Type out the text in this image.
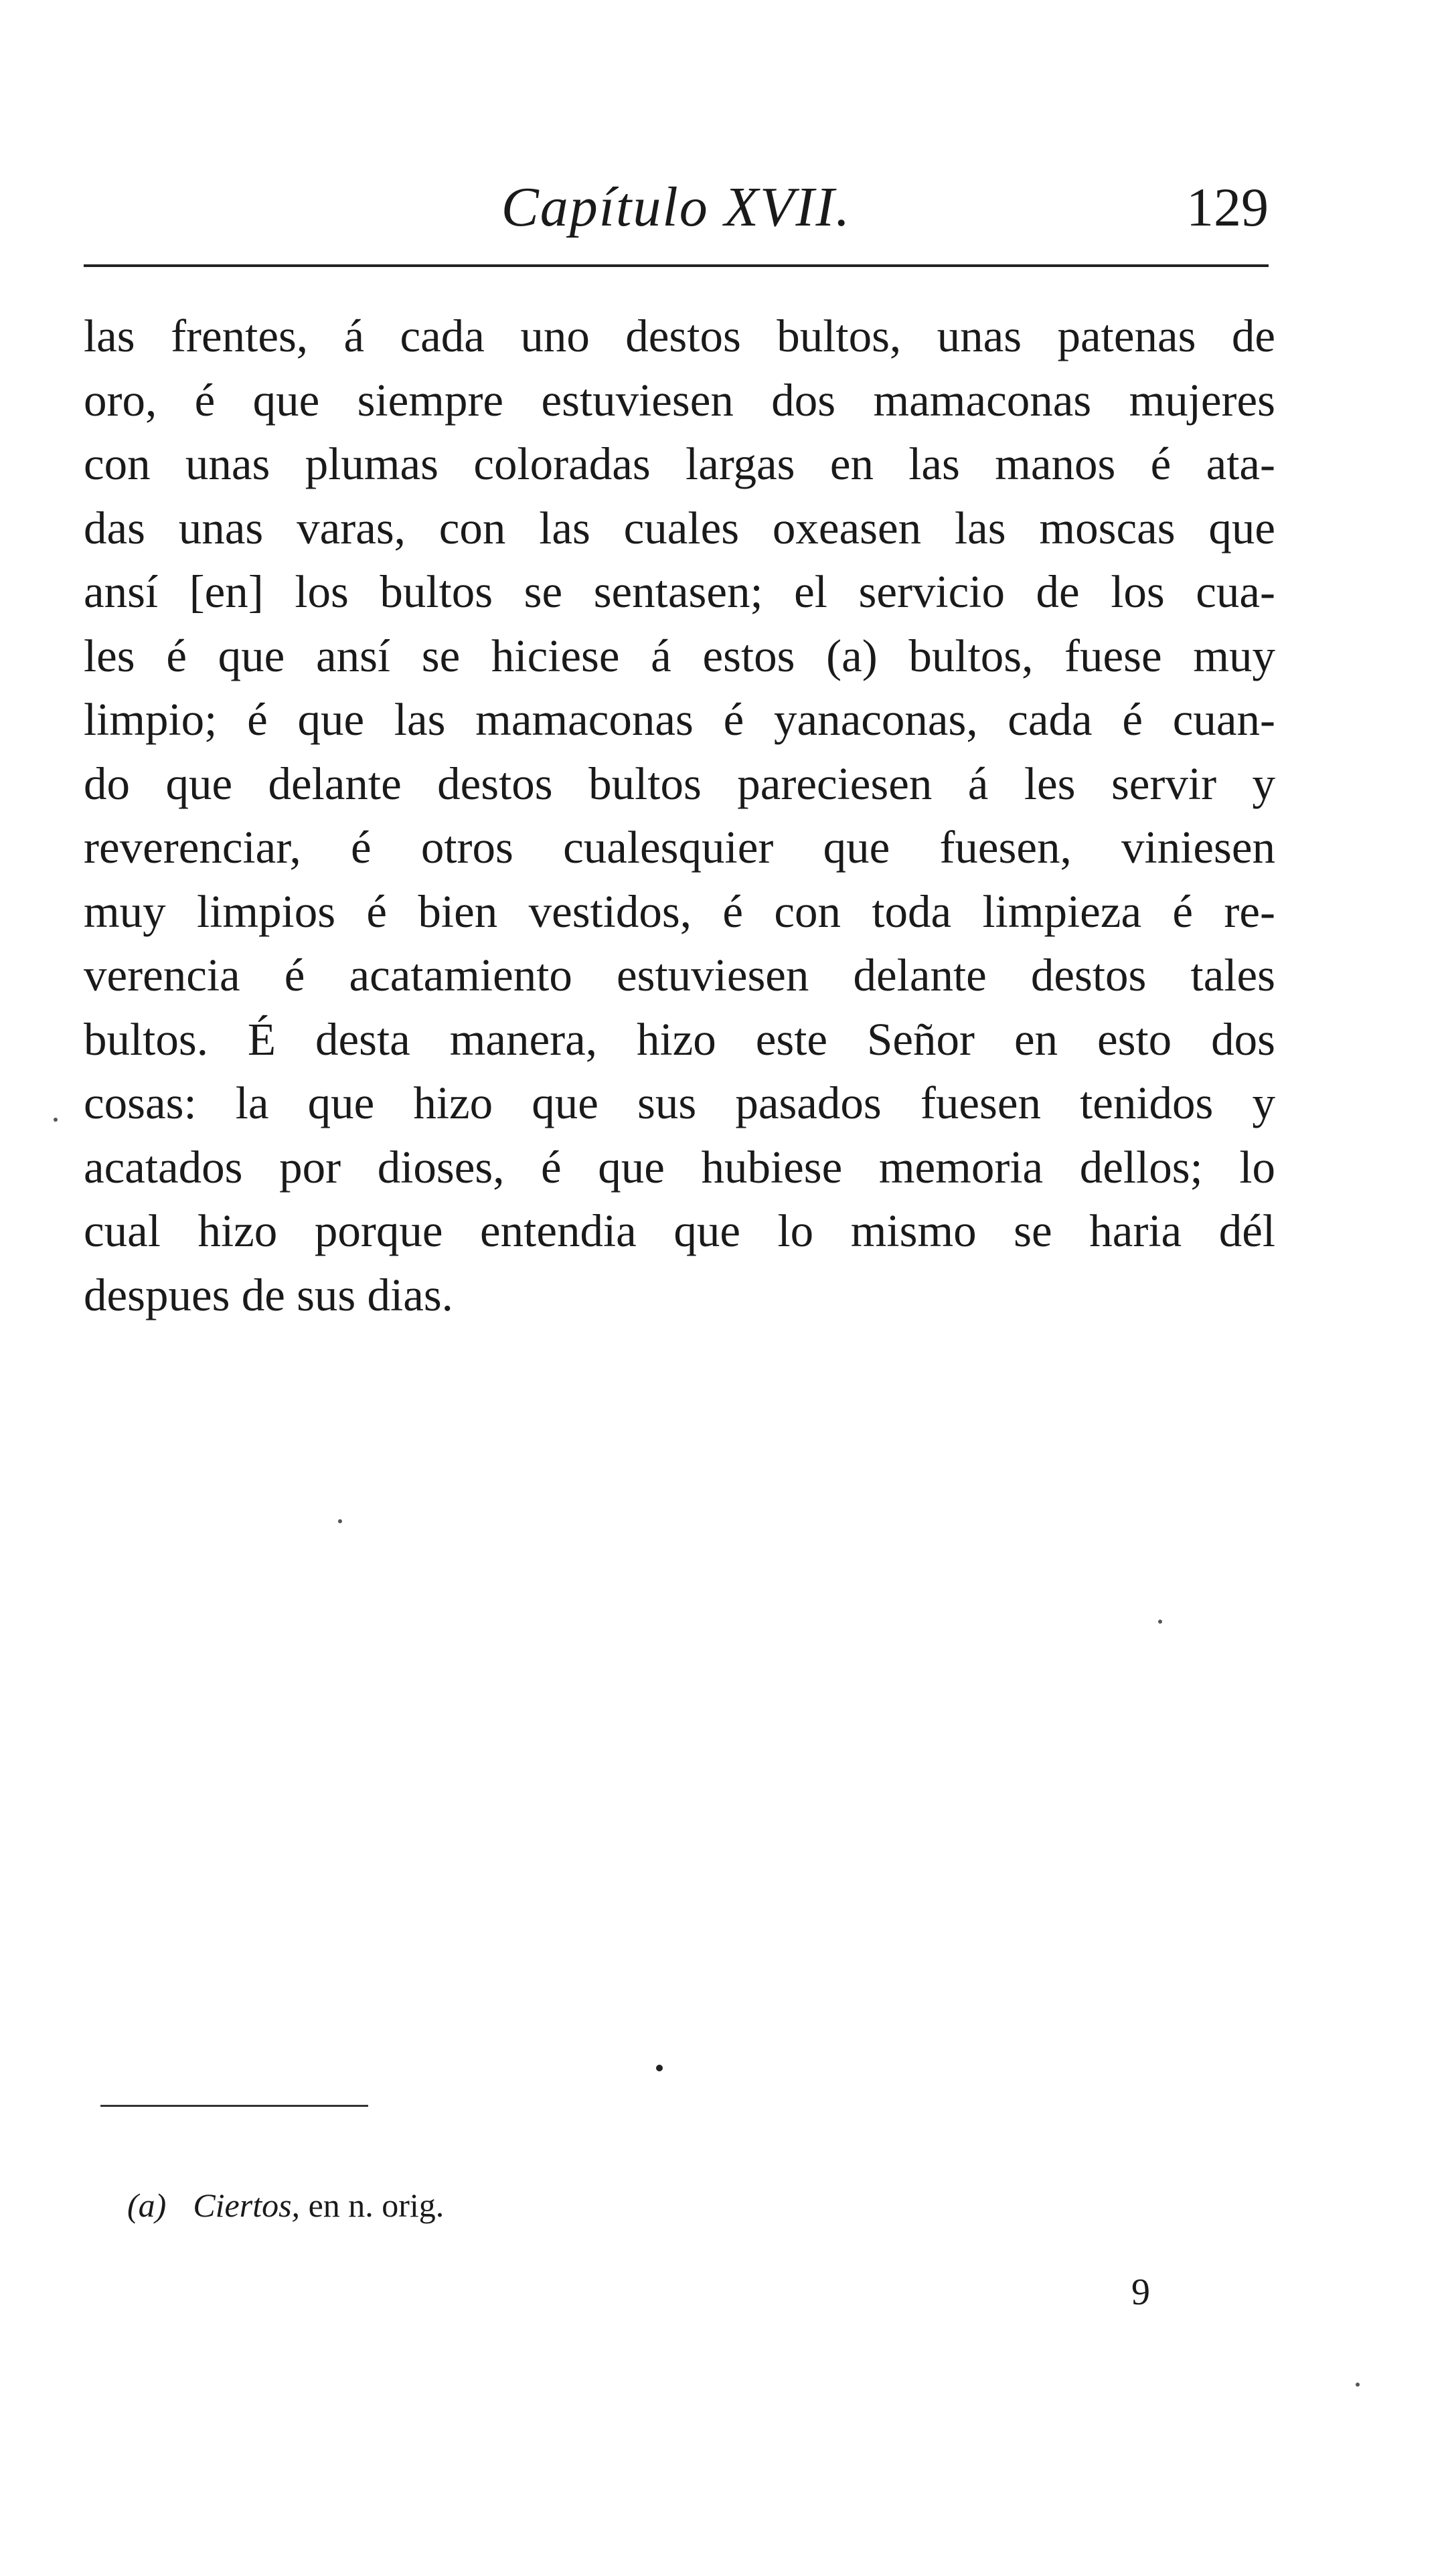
Capítulo XVII.	129
las frentes, á cada uno destos bultos, unas patenas de
oro, é que siempre estuviesen dos mamaconas mujeres
con unas plumas coloradas largas en las manos é ata-
das unas varas, con las cuales oxeasen las moscas que
ansí [en] los bultos se sentasen; el servicio de los cua-
les é que ansí se hiciese á estos (a) bultos, fuese muy
limpio; é que las mamaconas é yanaconas, cada é cuan-
do que delante destos bultos pareciesen á les servir y
reverenciar, é otros cualesquier que fuesen, viniesen
muy limpios é bien vestidos, é con toda limpieza é re-
verencia é acatamiento estuviesen delante destos tales
bultos. É desta manera, hizo este Señor en esto dos
cosas: la que hizo que sus pasados fuesen tenidos y
acatados por dioses, é que hubiese memoria dellos; lo
cual hizo porque entendia que lo mismo se haria dél
despues de sus dias.
(a) Ciertos, en n. orig.
9
